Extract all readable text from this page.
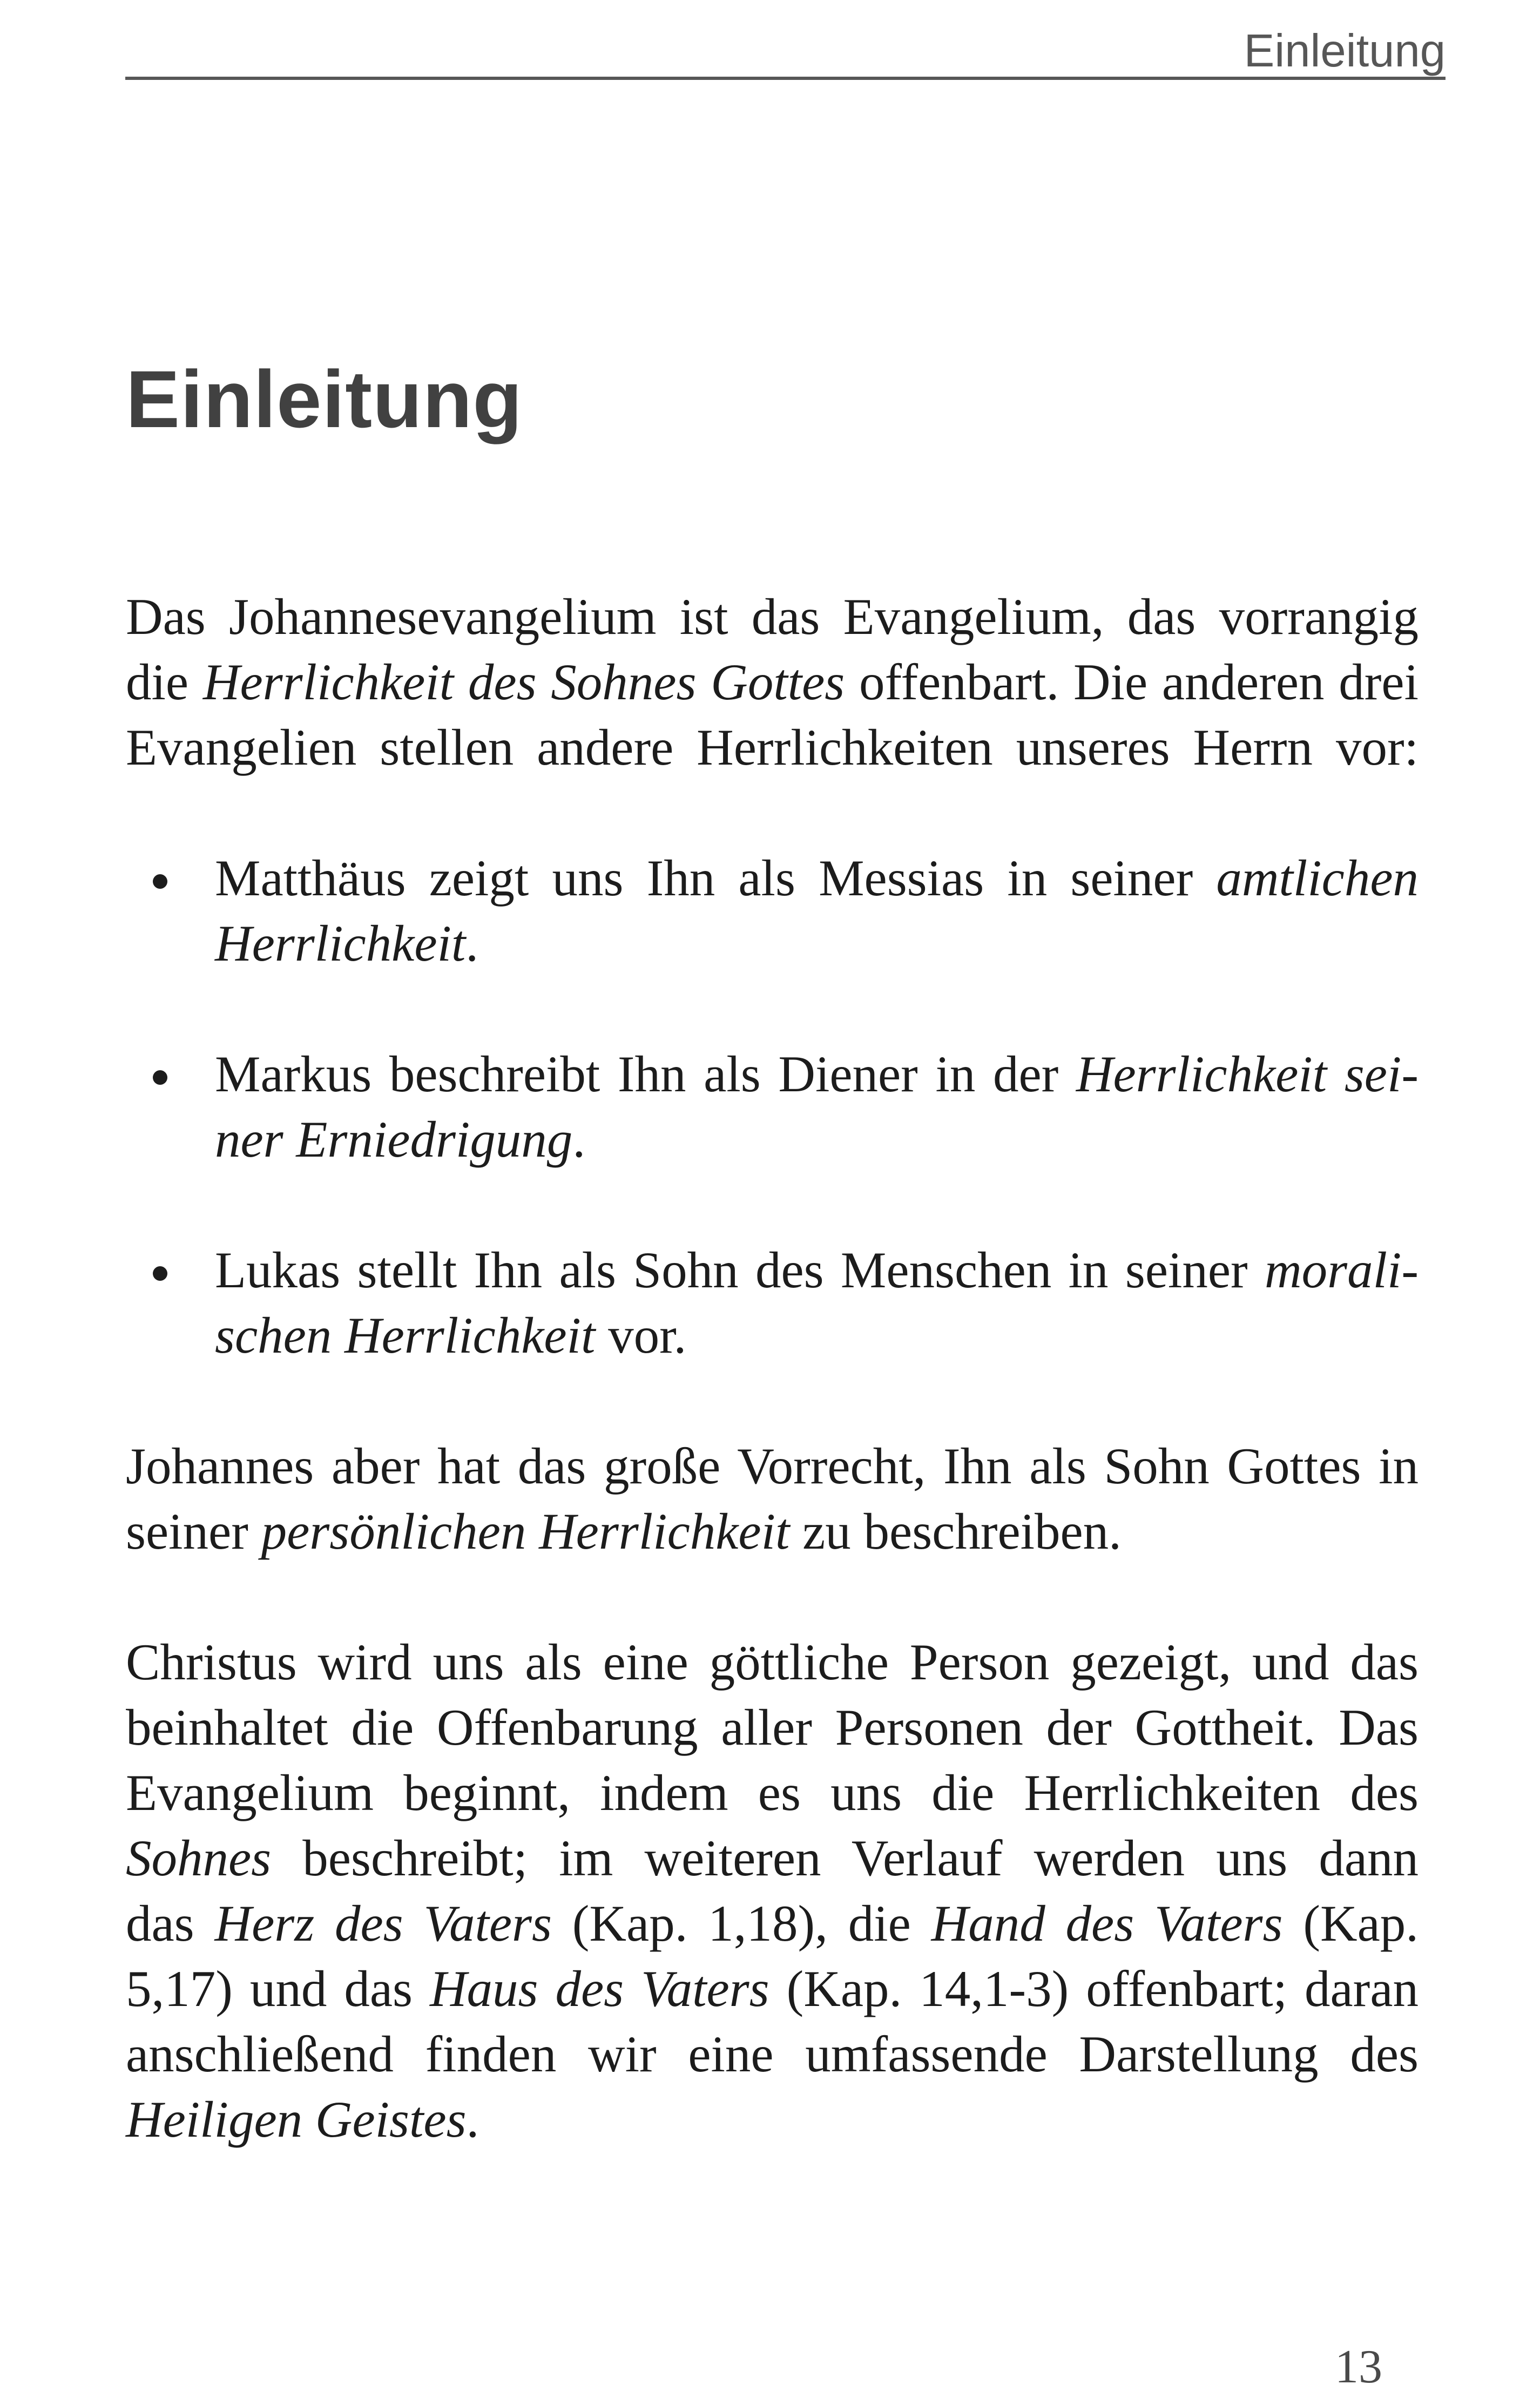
Einleitung
Einleitung
Das Johannesevangelium ist das Evangelium, das vorrangig
die Herrlichkeit des Sohnes Gottes offenbart. Die anderen drei
Evangelien stellen andere Herrlichkeiten unseres Herrn vor:
Matthäus zeigt uns Ihn als Messias in seiner amtlichen
Herrlichkeit.
Markus beschreibt Ihn als Diener in der Herrlichkeit sei-
ner Erniedrigung.
Lukas stellt Ihn als Sohn des Menschen in seiner morali-
schen Herrlichkeit vor.
Johannes aber hat das große Vorrecht, Ihn als Sohn Gottes in
seiner persönlichen Herrlichkeit zu beschreiben.
Christus wird uns als eine göttliche Person gezeigt, und das
beinhaltet die Offenbarung aller Personen der Gottheit. Das
Evangelium beginnt, indem es uns die Herrlichkeiten des
Sohnes beschreibt; im weiteren Verlauf werden uns dann
das Herz des Vaters (Kap. 1,18), die Hand des Vaters (Kap.
5,17) und das Haus des Vaters (Kap. 14,1-3) offenbart; daran
anschließend finden wir eine umfassende Darstellung des
Heiligen Geistes.
13
